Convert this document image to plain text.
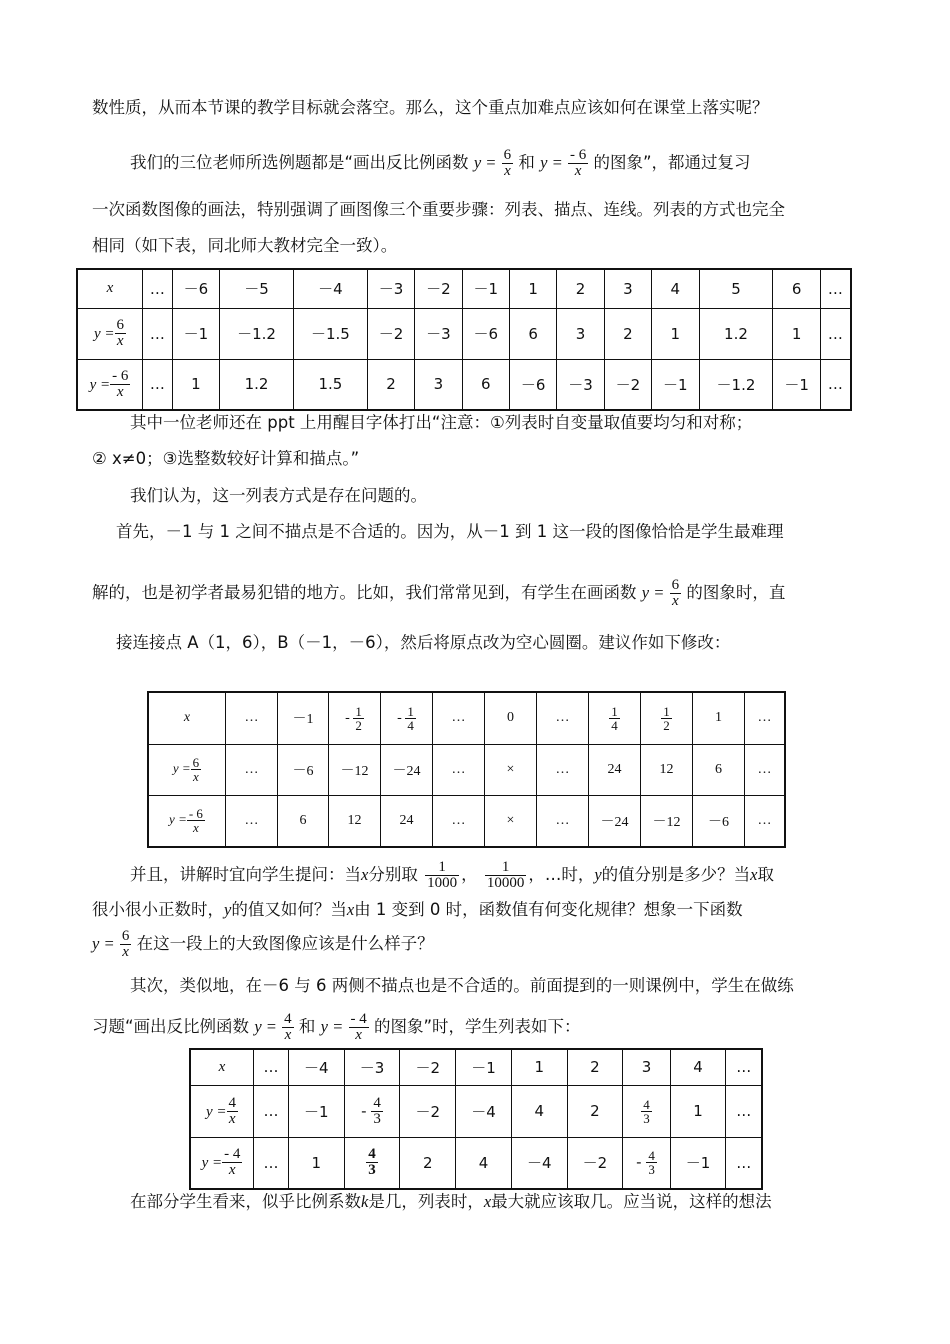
数性质，从而本节课的教学目标就会落空。那么，这个重点加难点应该如何在课堂上落实呢？
我们的三位老师所选例题都是“画出反比例函数 $y = \frac{6}{x}$ 和 $y = \frac{- 6}{x}$ 的图象”，都通过复习
一次函数图像的画法，特别强调了画图像三个重要步骤：列表、描点、连线。列表的方式也完全
相同（如下表，同北师大教材完全一致）。
x	…	－6	－5	－4	－3	－2	－1	1	2	3	4	5	6	…
$y = \frac{6}{x}$	…	－1	－1.2	－1.5	－2	－3	－6	6	3	2	1	1.2	1	…
$y = \frac{- 6}{x}$	…	1	1.2	1.5	2	3	6	－6	－3	－2	－1	－1.2	－1	…
其中一位老师还在 ppt 上用醒目字体打出“注意：①列表时自变量取值要均匀和对称；
② x≠0；③选整数较好计算和描点。”
我们认为，这一列表方式是存在问题的。
首先，－1 与 1 之间不描点是不合适的。因为，从－1 到 1 这一段的图像恰恰是学生最难理
解的，也是初学者最易犯错的地方。比如，我们常常见到，有学生在画函数 $y = \frac{6}{x}$ 的图象时，直
接连接点 A（1，6），B（－1，－6），然后将原点改为空心圆圈。建议作如下修改：
x	…	－1	- $\frac{1}{2}$	- $\frac{1}{4}$	…	0	…	$\frac{1}{4}$	$\frac{1}{2}$	1	…
$y = \frac{6}{x}$	…	－6	－12	－24	…	×	…	24	12	6	…
$y = \frac{- 6}{x}$	…	6	12	24	…	×	…	－24	－12	－6	…
并且，讲解时宜向学生提问：当x分别取 $\frac{1}{1000}$ ， $\frac{1}{10000}$ ，…时，y的值分别是多少？当x取
很小很小正数时，y的值又如何？当x由 1 变到 0 时，函数值有何变化规律？想象一下函数
$y = \frac{6}{x}$ 在这一段上的大致图像应该是什么样子？
其次，类似地，在－6 与 6 两侧不描点也是不合适的。前面提到的一则课例中，学生在做练
习题“画出反比例函数 $y = \frac{4}{x}$ 和 $y = \frac{- 4}{x}$ 的图象”时，学生列表如下：
x	…	－4	－3	－2	－1	1	2	3	4	…
$y = \frac{4}{x}$	…	－1	- $\frac{4}{3}$	－2	－4	4	2	$\frac{4}{3}$	1	…
$y = \frac{- 4}{x}$	…	1	$\frac{4}{3}$	2	4	－4	－2	- $\frac{4}{3}$	－1	…
在部分学生看来，似乎比例系数k是几，列表时，x最大就应该取几。应当说，这样的想法
